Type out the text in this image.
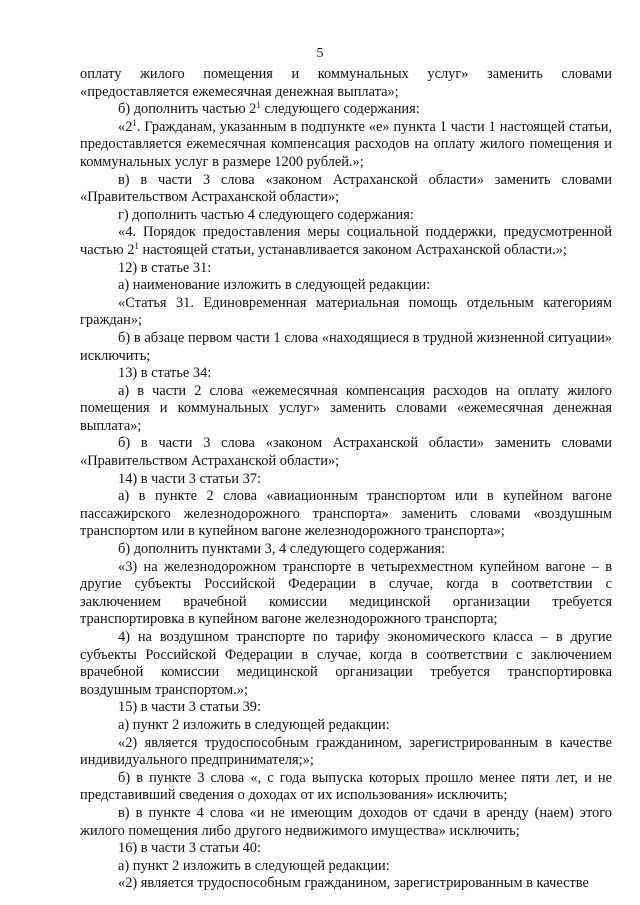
5

оплату жилого помещения и коммунальных услуг» заменить словами «предоставляется ежемесячная денежная выплата»;

б) дополнить частью $2^1$ следующего содержания:

«$2^1$. Гражданам, указанным в подпункте «е» пункта 1 части 1 настоящей статьи, предоставляется ежемесячная компенсация расходов на оплату жилого помещения и коммунальных услуг в размере 1200 рублей.»;

в) в части 3 слова «законом Астраханской области» заменить словами «Правительством Астраханской области»;

г) дополнить частью 4 следующего содержания:

«4. Порядок предоставления меры социальной поддержки, предусмотренной частью $2^1$ настоящей статьи, устанавливается законом Астраханской области.»;

12) в статье 31:

а) наименование изложить в следующей редакции:

«Статья 31. Единовременная материальная помощь отдельным категориям граждан»;

б) в абзаце первом части 1 слова «находящиеся в трудной жизненной ситуации» исключить;

13) в статье 34:

а) в части 2 слова «ежемесячная компенсация расходов на оплату жилого помещения и коммунальных услуг» заменить словами «ежемесячная денежная выплата»;

б) в части 3 слова «законом Астраханской области» заменить словами «Правительством Астраханской области»;

14) в части 3 статьи 37:

а) в пункте 2 слова «авиационным транспортом или в купейном вагоне пассажирского железнодорожного транспорта» заменить словами «воздушным транспортом или в купейном вагоне железнодорожного транспорта»;

б) дополнить пунктами 3, 4 следующего содержания:

«3) на железнодорожном транспорте в четырехместном купейном вагоне – в другие субъекты Российской Федерации в случае, когда в соответствии с заключением врачебной комиссии медицинской организации требуется транспортировка в купейном вагоне железнодорожного транспорта;

4) на воздушном транспорте по тарифу экономического класса – в другие субъекты Российской Федерации в случае, когда в соответствии с заключением врачебной комиссии медицинской организации требуется транспортировка воздушным транспортом.»;

15) в части 3 статьи 39:

а) пункт 2 изложить в следующей редакции:

«2) является трудоспособным гражданином, зарегистрированным в качестве индивидуального предпринимателя;»;

б) в пункте 3 слова «, с года выпуска которых прошло менее пяти лет, и не представивший сведения о доходах от их использования» исключить;

в) в пункте 4 слова «и не имеющим доходов от сдачи в аренду (наем) этого жилого помещения либо другого недвижимого имущества» исключить;

16) в части 3 статьи 40:

а) пункт 2 изложить в следующей редакции:

«2) является трудоспособным гражданином, зарегистрированным в качестве
